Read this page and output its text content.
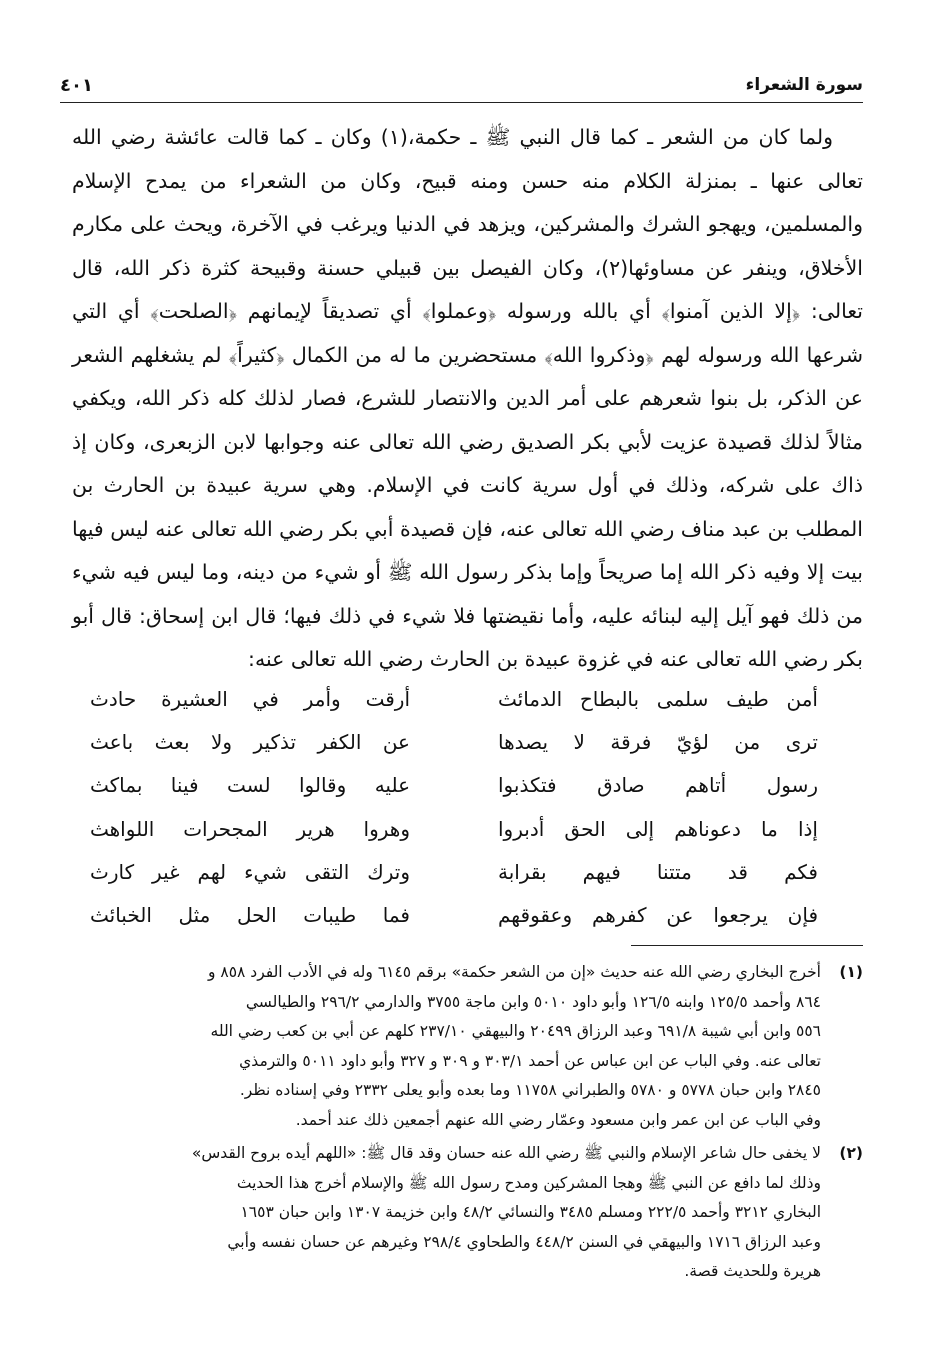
سورة الشعراء
٤٠١

ولما كان من الشعر ـ كما قال النبي ﷺ ـ حكمة،(١) وكان ـ كما قالت عائشة رضي الله تعالى عنها ـ بمنزلة الكلام منه حسن ومنه قبيح، وكان من الشعراء من يمدح الإسلام والمسلمين، ويهجو الشرك والمشركين، ويزهد في الدنيا ويرغب في الآخرة، ويحث على مكارم الأخلاق، وينفر عن مساوئها(٢)، وكان الفيصل بين قبيلي حسنة وقبيحة كثرة ذكر الله، قال تعالى: ﴿إلا الذين آمنوا﴾ أي بالله ورسوله ﴿وعملوا﴾ أي تصديقاً لإيمانهم ﴿الصلحت﴾ أي التي شرعها الله ورسوله لهم ﴿وذكروا الله﴾ مستحضرين ما له من الكمال ﴿كثيراً﴾ لم يشغلهم الشعر عن الذكر، بل بنوا شعرهم على أمر الدين والانتصار للشرع، فصار لذلك كله ذكر الله، ويكفي مثالاً لذلك قصيدة عزيت لأبي بكر الصديق رضي الله تعالى عنه وجوابها لابن الزبعرى، وكان إذ ذاك على شركه، وذلك في أول سرية كانت في الإسلام. وهي سرية عبيدة بن الحارث بن المطلب بن عبد مناف رضي الله تعالى عنه، فإن قصيدة أبي بكر رضي الله تعالى عنه ليس فيها بيت إلا وفيه ذكر الله إما صريحاً وإما بذكر رسول الله ﷺ أو شيء من دينه، وما ليس فيه شيء من ذلك فهو آيل إليه لبنائه عليه، وأما نقيضتها فلا شيء في ذلك فيها؛ قال ابن إسحاق: قال أبو بكر رضي الله تعالى عنه في غزوة عبيدة بن الحارث رضي الله تعالى عنه:

أمن طيف سلمى بالبطاح الدمائث
أرقت وأمر في العشيرة حادث
ترى من لؤيّ فرقة لا يصدها
عن الكفر تذكير ولا بعث باعث
رسول أتاهم صادق فتكذبوا
عليه وقالوا لست فينا بماكث
إذا ما دعوناهم إلى الحق أدبروا
وهروا هرير المجحرات اللواهث
فكم قد متتنا فيهم بقرابة
وترك التقى شيء لهم غير كارث
فإن يرجعوا عن كفرهم وعقوقهم
فما طيبات الحل مثل الخبائث
(١)
أخرج البخاري رضي الله عنه حديث «إن من الشعر حكمة» برقم ٦١٤٥ وله في الأدب الفرد ٨٥٨ و
٨٦٤ وأحمد ١٢٥/٥ وابنه ١٢٦/٥ وأبو داود ٥٠١٠ وابن ماجة ٣٧٥٥ والدارمي ٢٩٦/٢ والطيالسي
٥٥٦ وابن أبي شيبة ٦٩١/٨ وعبد الرزاق ٢٠٤٩٩ والبيهقي ٢٣٧/١٠ كلهم عن أبي بن كعب رضي الله
تعالى عنه. وفي الباب عن ابن عباس عن أحمد ٣٠٣/١ و ٣٠٩ و ٣٢٧ وأبو داود ٥٠١١ والترمذي
٢٨٤٥ وابن حبان ٥٧٧٨ و ٥٧٨٠ والطبراني ١١٧٥٨ وما بعده وأبو يعلى ٢٣٣٢ وفي إسناده نظر.
وفي الباب عن ابن عمر وابن مسعود وعمّار رضي الله عنهم أجمعين ذلك عند أحمد.
(٢)
لا يخفى حال شاعر الإسلام والنبي ﷺ رضي الله عنه حسان وقد قال ﷺ: «اللهم أيده بروح القدس»
وذلك لما دافع عن النبي ﷺ وهجا المشركين ومدح رسول الله ﷺ والإسلام أخرج هذا الحديث
البخاري ٣٢١٢ وأحمد ٢٢٢/٥ ومسلم ٣٤٨٥ والنسائي ٤٨/٢ وابن خزيمة ١٣٠٧ وابن حبان ١٦٥٣
وعبد الرزاق ١٧١٦ والبيهقي في السنن ٤٤٨/٢ والطحاوي ٢٩٨/٤ وغيرهم عن حسان نفسه وأبي
هريرة وللحديث قصة.
